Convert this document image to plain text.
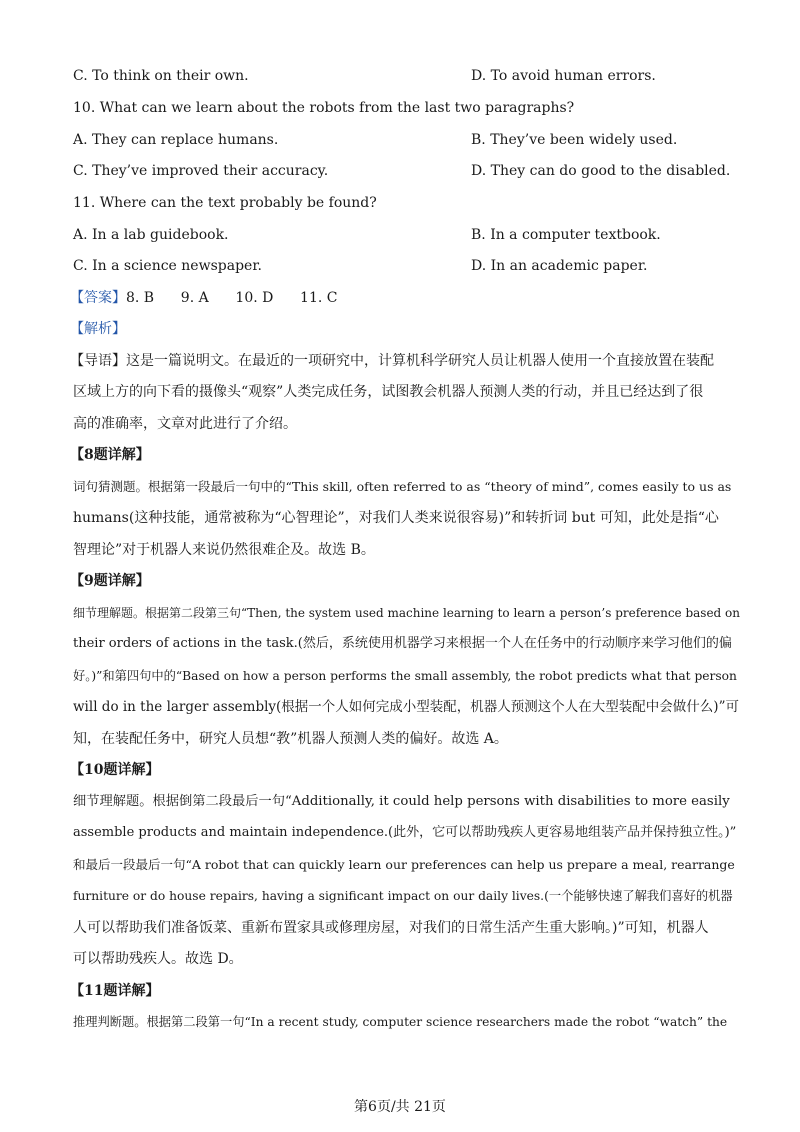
C. To think on their own.	D. To avoid human errors.
10. What can we learn about the robots from the last two paragraphs?
A. They can replace humans.	B. They’ve been widely used.
C. They’ve improved their accuracy.	D. They can do good to the disabled.
11. Where can the text probably be found?
A. In a lab guidebook.	B. In a computer textbook.
C. In a science newspaper.	D. In an academic paper.
【答案】8. B      9. A      10. D      11. C
【解析】
【导语】这是一篇说明文。在最近的一项研究中，计算机科学研究人员让机器人使用一个直接放置在装配
区域上方的向下看的摄像头“观察”人类完成任务，试图教会机器人预测人类的行动，并且已经达到了很
高的准确率，文章对此进行了介绍。
【8题详解】
词句猜测题。根据第一段最后一句中的“This skill, often referred to as “theory of mind”, comes easily to us as
humans(这种技能，通常被称为“心智理论”，对我们人类来说很容易)”和转折词 but 可知，此处是指“心
智理论”对于机器人来说仍然很难企及。故选 B。
【9题详解】
细节理解题。根据第二段第三句“Then, the system used machine learning to learn a person’s preference based on
their orders of actions in the task.(然后，系统使用机器学习来根据一个人在任务中的行动顺序来学习他们的偏
好。)”和第四句中的“Based on how a person performs the small assembly, the robot predicts what that person
will do in the larger assembly(根据一个人如何完成小型装配，机器人预测这个人在大型装配中会做什么)”可
知，在装配任务中，研究人员想“教”机器人预测人类的偏好。故选 A。
【10题详解】
细节理解题。根据倒第二段最后一句“Additionally, it could help persons with disabilities to more easily
assemble products and maintain independence.(此外，它可以帮助残疾人更容易地组装产品并保持独立性。)”
和最后一段最后一句“A robot that can quickly learn our preferences can help us prepare a meal, rearrange
furniture or do house repairs, having a significant impact on our daily lives.(一个能够快速了解我们喜好的机器
人可以帮助我们准备饭菜、重新布置家具或修理房屋，对我们的日常生活产生重大影响。)”可知，机器人
可以帮助残疾人。故选 D。
【11题详解】
推理判断题。根据第二段第一句“In a recent study, computer science researchers made the robot “watch” the
第6页/共 21页
